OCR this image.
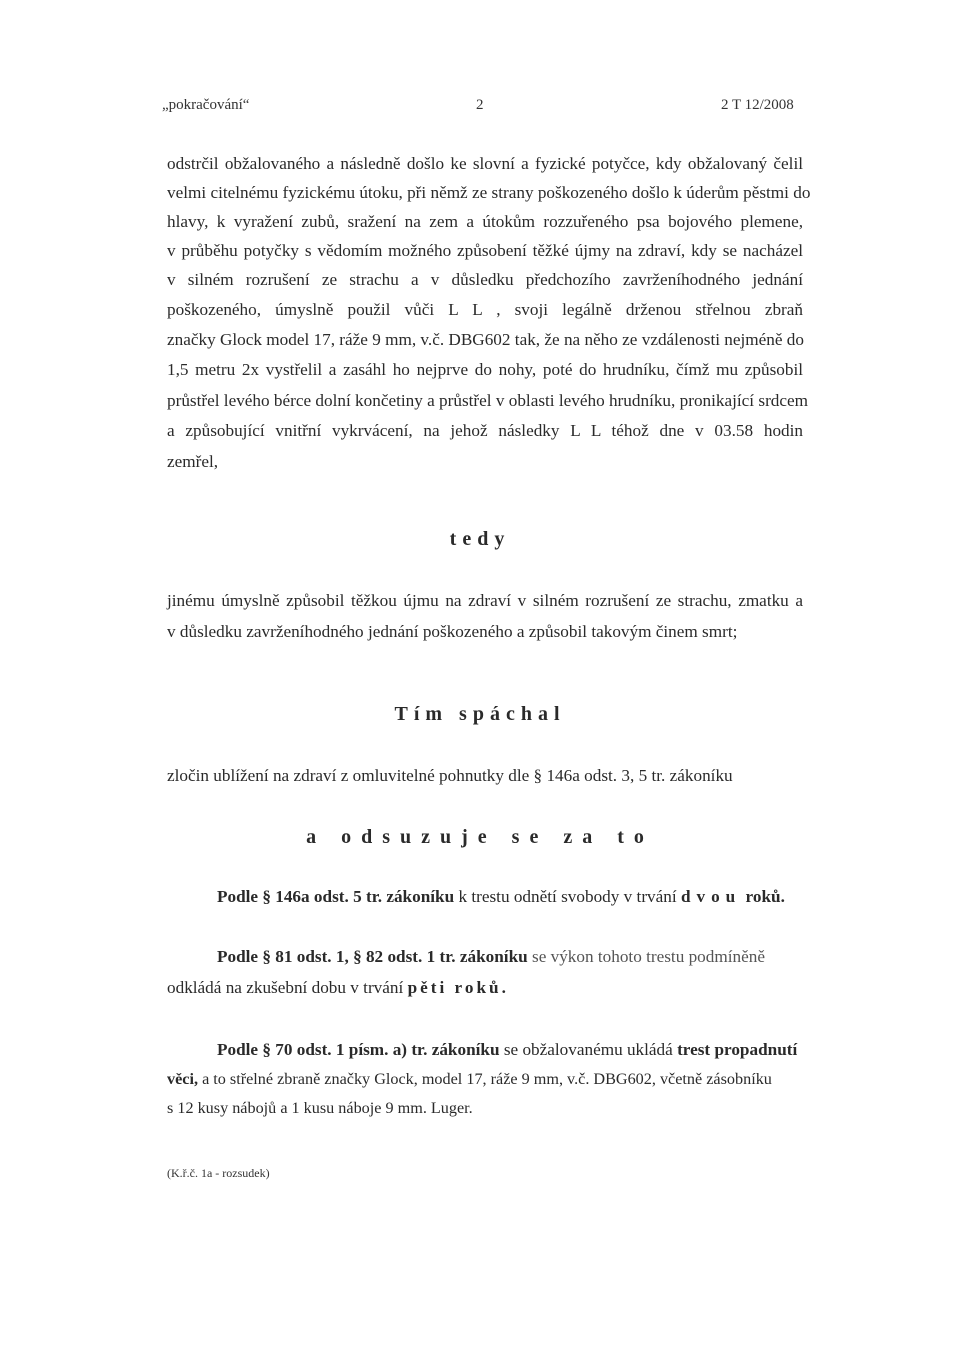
„pokračování“	2	2 T 12/2008
odstrčil obžalovaného a následně došlo ke slovní a fyzické potyčce, kdy obžalovaný čelil
velmi citelnému fyzickému útoku, při němž ze strany poškozeného došlo k úderům pěstmi do
hlavy, k vyražení zubů, sražení na zem a útokům rozzuřeného psa bojového plemene,
v průběhu potyčky s vědomím možného způsobení těžké újmy na zdraví, kdy se nacházel
v silném rozrušení ze strachu a v důsledku předchozího zavrženíhodného jednání
poškozeného, úmyslně použil vůči L L , svoji legálně drženou střelnou zbraň
značky Glock model 17, ráže 9 mm, v.č. DBG602 tak, že na něho ze vzdálenosti nejméně do
1,5 metru 2x vystřelil a zasáhl ho nejprve do nohy, poté do hrudníku, čímž mu způsobil
průstřel levého bérce dolní končetiny a průstřel v oblasti levého hrudníku, pronikající srdcem
a způsobující vnitřní vykrvácení, na jehož následky L L téhož dne v 03.58 hodin
zemřel,
tedy
jinému úmyslně způsobil těžkou újmu na zdraví v silném rozrušení ze strachu, zmatku a
v důsledku zavrženíhodného jednání poškozeného a způsobil takovým činem smrt;
Tím spáchal
zločin ublížení na zdraví z omluvitelné pohnutky dle § 146a odst. 3, 5 tr. zákoníku
a odsuzuje se za to
Podle § 146a odst. 5 tr. zákoníku k trestu odnětí svobody v trvání dvou roků.
Podle § 81 odst. 1, § 82 odst. 1 tr. zákoníku se výkon tohoto trestu podmíněně
odkládá na zkušební dobu v trvání pěti roků.
Podle § 70 odst. 1 písm. a) tr. zákoníku se obžalovanému ukládá trest propadnutí
věci, a to střelné zbraně značky Glock, model 17, ráže 9 mm, v.č. DBG602, včetně zásobníku
s 12 kusy nábojů a 1 kusu náboje 9 mm. Luger.
(K.ř.č. 1a - rozsudek)
